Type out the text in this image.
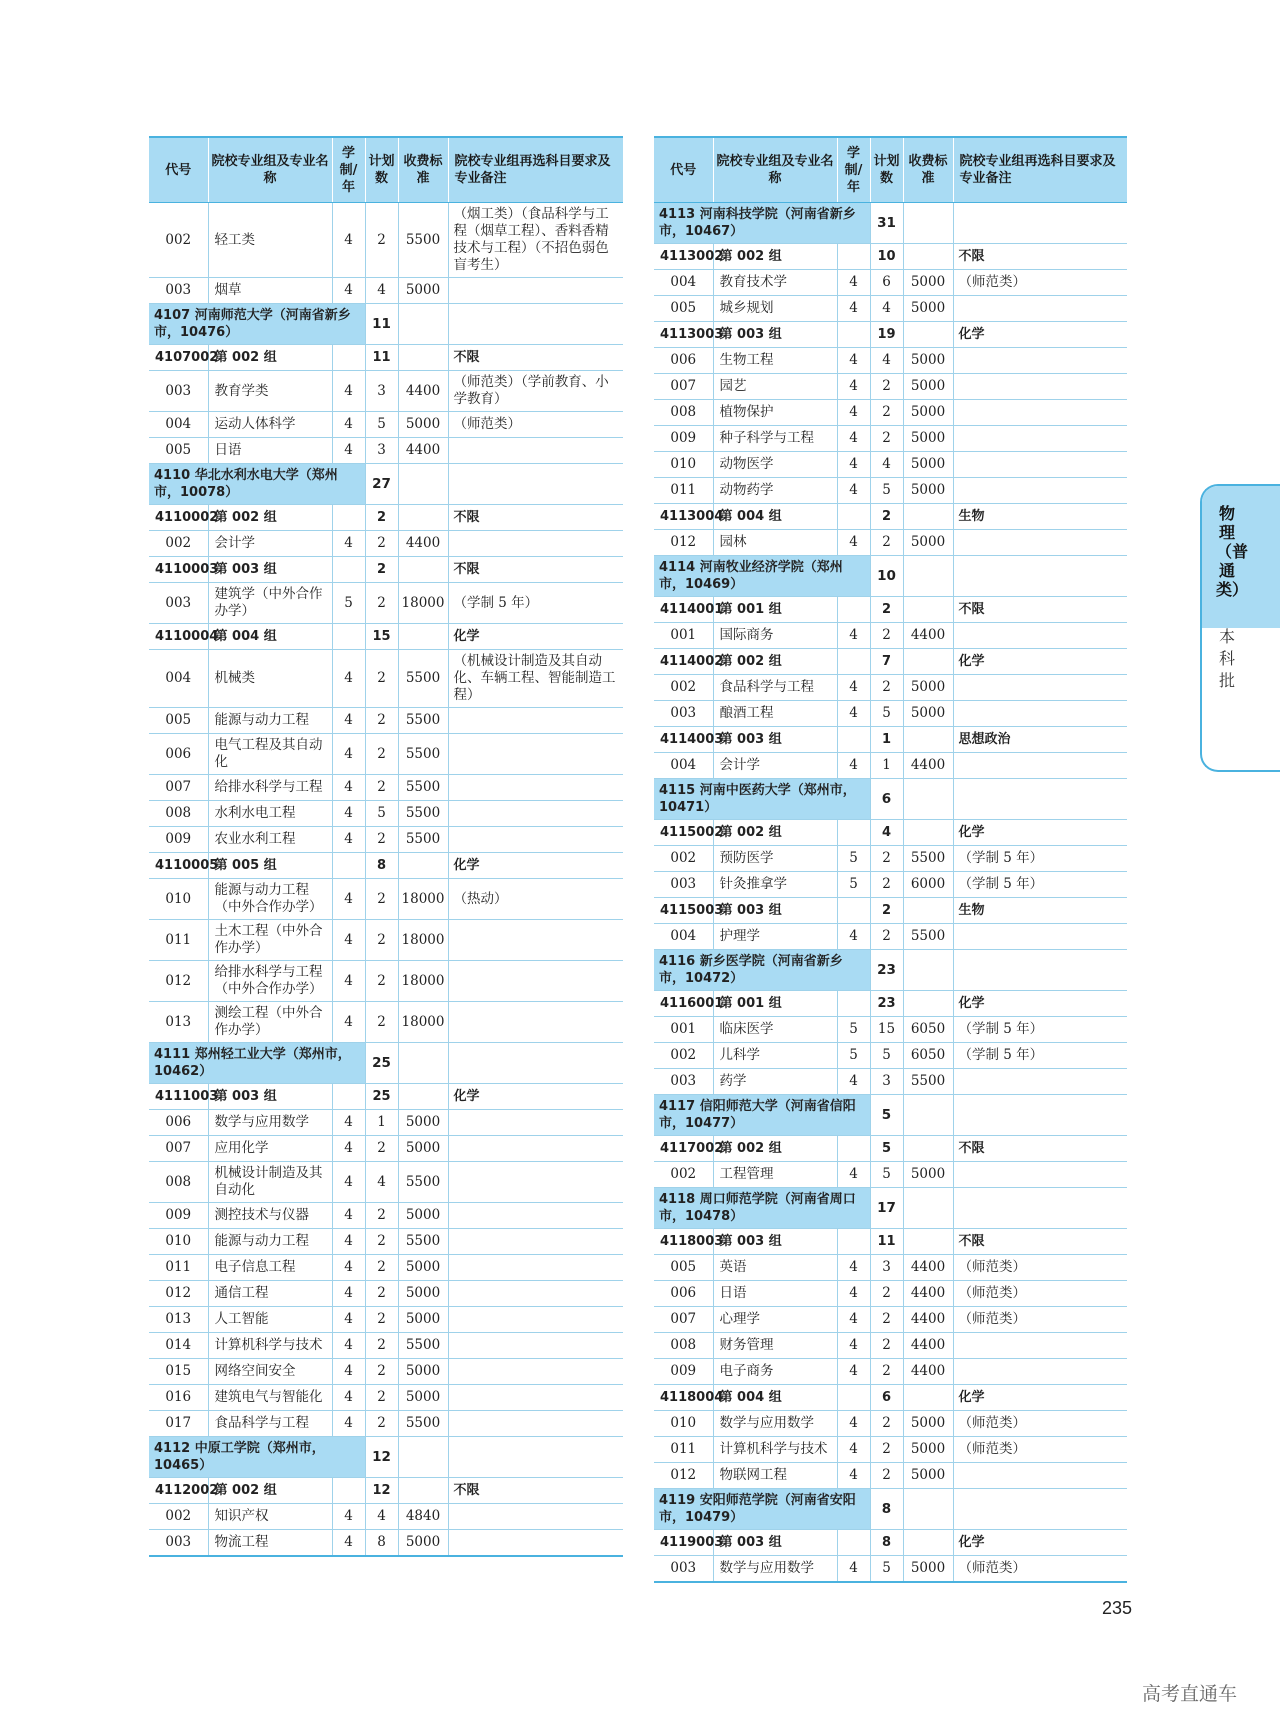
代号	院校专业组及专业名称	学制/年	计划数	收费标准	院校专业组再选科目要求及专业备注
002	轻工类	4	2	5500	（烟工类）（食品科学与工程（烟草工程）、香料香精技术与工程）（不招色弱色盲考生）
003	烟草	4	4	5000	
4107 河南师范大学（河南省新乡市，10476）			11		
4107002	第 002 组		11		不限
003	教育学类	4	3	4400	（师范类）（学前教育、小学教育）
004	运动人体科学	4	5	5000	（师范类）
005	日语	4	3	4400	
4110 华北水利水电大学（郑州市，10078）			27		
4110002	第 002 组		2		不限
002	会计学	4	2	4400	
4110003	第 003 组		2		不限
003	建筑学（中外合作办学）	5	2	18000	（学制 5 年）
4110004	第 004 组		15		化学
004	机械类	4	2	5500	（机械设计制造及其自动化、车辆工程、智能制造工程）
005	能源与动力工程	4	2	5500	
006	电气工程及其自动化	4	2	5500	
007	给排水科学与工程	4	2	5500	
008	水利水电工程	4	5	5500	
009	农业水利工程	4	2	5500	
4110005	第 005 组		8		化学
010	能源与动力工程（中外合作办学）	4	2	18000	（热动）
011	土木工程（中外合作办学）	4	2	18000	
012	给排水科学与工程（中外合作办学）	4	2	18000	
013	测绘工程（中外合作办学）	4	2	18000	
4111 郑州轻工业大学（郑州市，10462）			25		
4111003	第 003 组		25		化学
006	数学与应用数学	4	1	5000	
007	应用化学	4	2	5000	
008	机械设计制造及其自动化	4	4	5500	
009	测控技术与仪器	4	2	5000	
010	能源与动力工程	4	2	5500	
011	电子信息工程	4	2	5000	
012	通信工程	4	2	5000	
013	人工智能	4	2	5000	
014	计算机科学与技术	4	2	5500	
015	网络空间安全	4	2	5000	
016	建筑电气与智能化	4	2	5000	
017	食品科学与工程	4	2	5500	
4112 中原工学院（郑州市，10465）			12		
4112002	第 002 组		12		不限
002	知识产权	4	4	4840	
003	物流工程	4	8	5000	
代号	院校专业组及专业名称	学制/年	计划数	收费标准	院校专业组再选科目要求及专业备注
4113 河南科技学院（河南省新乡市，10467）			31		
4113002	第 002 组		10		不限
004	教育技术学	4	6	5000	（师范类）
005	城乡规划	4	4	5000	
4113003	第 003 组		19		化学
006	生物工程	4	4	5000	
007	园艺	4	2	5000	
008	植物保护	4	2	5000	
009	种子科学与工程	4	2	5000	
010	动物医学	4	4	5000	
011	动物药学	4	5	5000	
4113004	第 004 组		2		生物
012	园林	4	2	5000	
4114 河南牧业经济学院（郑州市，10469）			10		
4114001	第 001 组		2		不限
001	国际商务	4	2	4400	
4114002	第 002 组		7		化学
002	食品科学与工程	4	2	5000	
003	酿酒工程	4	5	5000	
4114003	第 003 组		1		思想政治
004	会计学	4	1	4400	
4115 河南中医药大学（郑州市，10471）			6		
4115002	第 002 组		4		化学
002	预防医学	5	2	5500	（学制 5 年）
003	针灸推拿学	5	2	6000	（学制 5 年）
4115003	第 003 组		2		生物
004	护理学	4	2	5500	
4116 新乡医学院（河南省新乡市，10472）			23		
4116001	第 001 组		23		化学
001	临床医学	5	15	6050	（学制 5 年）
002	儿科学	5	5	6050	（学制 5 年）
003	药学	4	3	5500	
4117 信阳师范大学（河南省信阳市，10477）			5		
4117002	第 002 组		5		不限
002	工程管理	4	5	5000	
4118 周口师范学院（河南省周口市，10478）			17		
4118003	第 003 组		11		不限
005	英语	4	3	4400	（师范类）
006	日语	4	2	4400	（师范类）
007	心理学	4	2	4400	（师范类）
008	财务管理	4	2	4400	
009	电子商务	4	2	4400	
4118004	第 004 组		6		化学
010	数学与应用数学	4	2	5000	（师范类）
011	计算机科学与技术	4	2	5000	（师范类）
012	物联网工程	4	2	5000	
4119 安阳师范学院（河南省安阳市，10479）			8		
4119003	第 003 组		8		化学
003	数学与应用数学	4	5	5000	（师范类）
物理（普通类）
本科批
235
高考直通车
